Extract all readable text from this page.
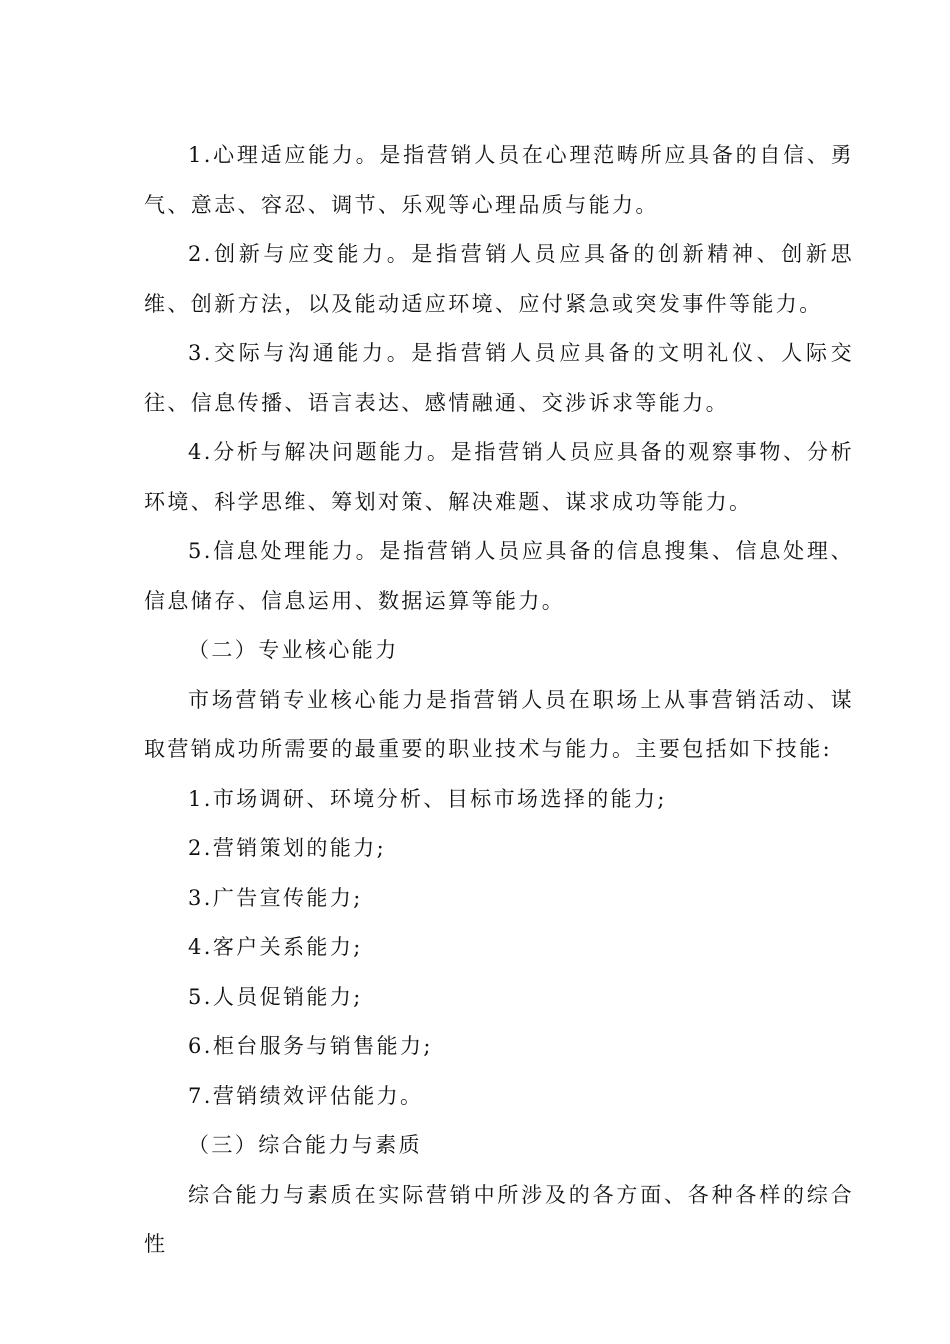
1.心理适应能力。是指营销人员在心理范畴所应具备的自信、勇气、意志、容忍、调节、乐观等心理品质与能力。

2.创新与应变能力。是指营销人员应具备的创新精神、创新思维、创新方法，以及能动适应环境、应付紧急或突发事件等能力。

3.交际与沟通能力。是指营销人员应具备的文明礼仪、人际交往、信息传播、语言表达、感情融通、交涉诉求等能力。

4.分析与解决问题能力。是指营销人员应具备的观察事物、分析环境、科学思维、筹划对策、解决难题、谋求成功等能力。

5.信息处理能力。是指营销人员应具备的信息搜集、信息处理、信息储存、信息运用、数据运算等能力。

（二）专业核心能力

市场营销专业核心能力是指营销人员在职场上从事营销活动、谋取营销成功所需要的最重要的职业技术与能力。主要包括如下技能:

1.市场调研、环境分析、目标市场选择的能力;

2.营销策划的能力;

3.广告宣传能力;

4.客户关系能力;

5.人员促销能力;

6.柜台服务与销售能力;

7.营销绩效评估能力。

（三）综合能力与素质

综合能力与素质在实际营销中所涉及的各方面、各种各样的综合性
